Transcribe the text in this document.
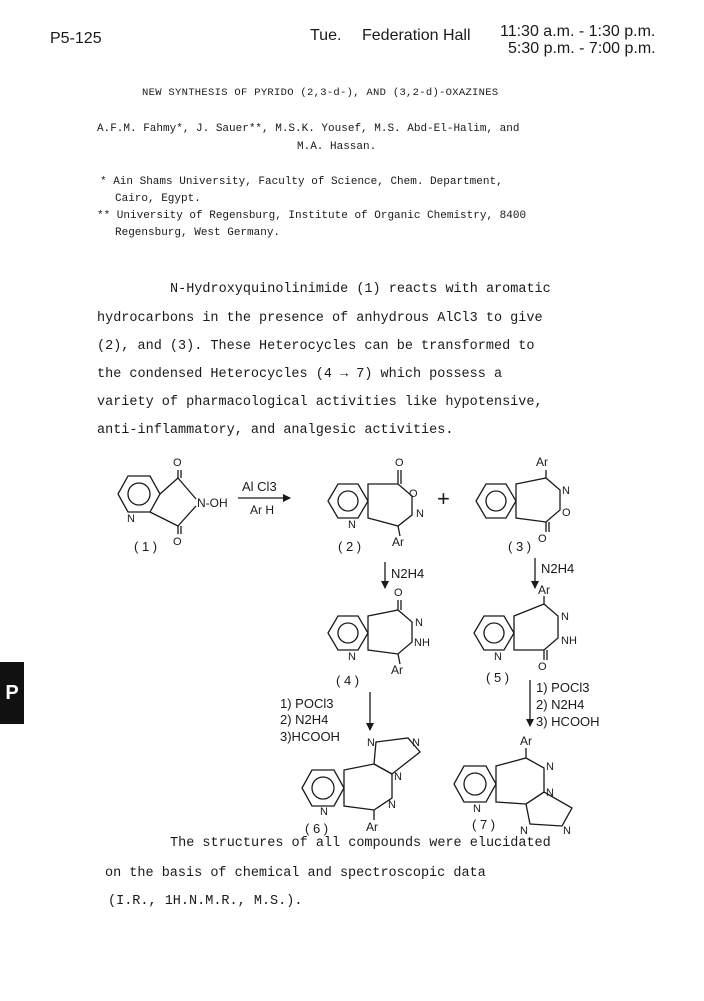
P5-125	Tue. Federation Hall 11:30 a.m. - 1:30 p.m.
5:30 p.m. - 7:00 p.m.
NEW SYNTHESIS OF PYRIDO (2,3-d-), AND (3,2-d)-OXAZINES
A.F.M. Fahmy*, J. Sauer**, M.S.K. Yousef, M.S. Abd-El-Halim, and
M.A. Hassan.
* Ain Shams University, Faculty of Science, Chem. Department,
Cairo, Egypt.
** University of Regensburg, Institute of Organic Chemistry, 8400
Regensburg, West Germany.
N-Hydroxyquinolinimide (1) reacts with aromatic
hydrocarbons in the presence of anhydrous AlCl3 to give
(2), and (3). These Heterocycles can be transformed to
the condensed Heterocycles (4 → 7) which possess a
variety of pharmacological activities like hypotensive,
anti-inflammatory, and analgesic activities.
( 1 )
N
O
O
N-OH
Al Cl3
Ar H
( 2 )
O
O
N
N
Ar
+
( 3 )
Ar
N
O
O
N2H4	N2H4
( 4 )
O
N
NH
N
Ar	( 5 )
Ar
N
NH
N
O
1) POCl3
2) N2H4
3)HCOOH
1) POCl3
2) N2H4
3) HCOOH
( 6 )
N	N
N
N
N
Ar	( 7 )
Ar
N
N
N	N
N
The structures of all compounds were elucidated
on the basis of chemical and spectroscopic data
(I.R., 1H.N.M.R., M.S.).
P
